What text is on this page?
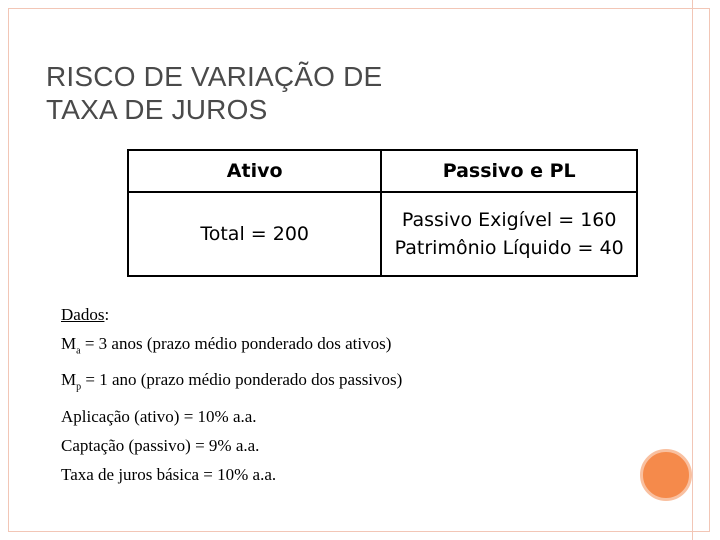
RISCO DE VARIAÇÃO DE
TAXA DE JUROS
Ativo	Passivo e PL
Total = 200	Passivo Exigível = 160
Patrimônio Líquido = 40
Dados:
$M_a = 3$ anos (prazo médio ponderado dos ativos)
$M_p = 1$ ano (prazo médio ponderado dos passivos)
Aplicação (ativo) = 10% a.a.
Captação (passivo) = 9% a.a.
Taxa de juros básica = 10% a.a.
